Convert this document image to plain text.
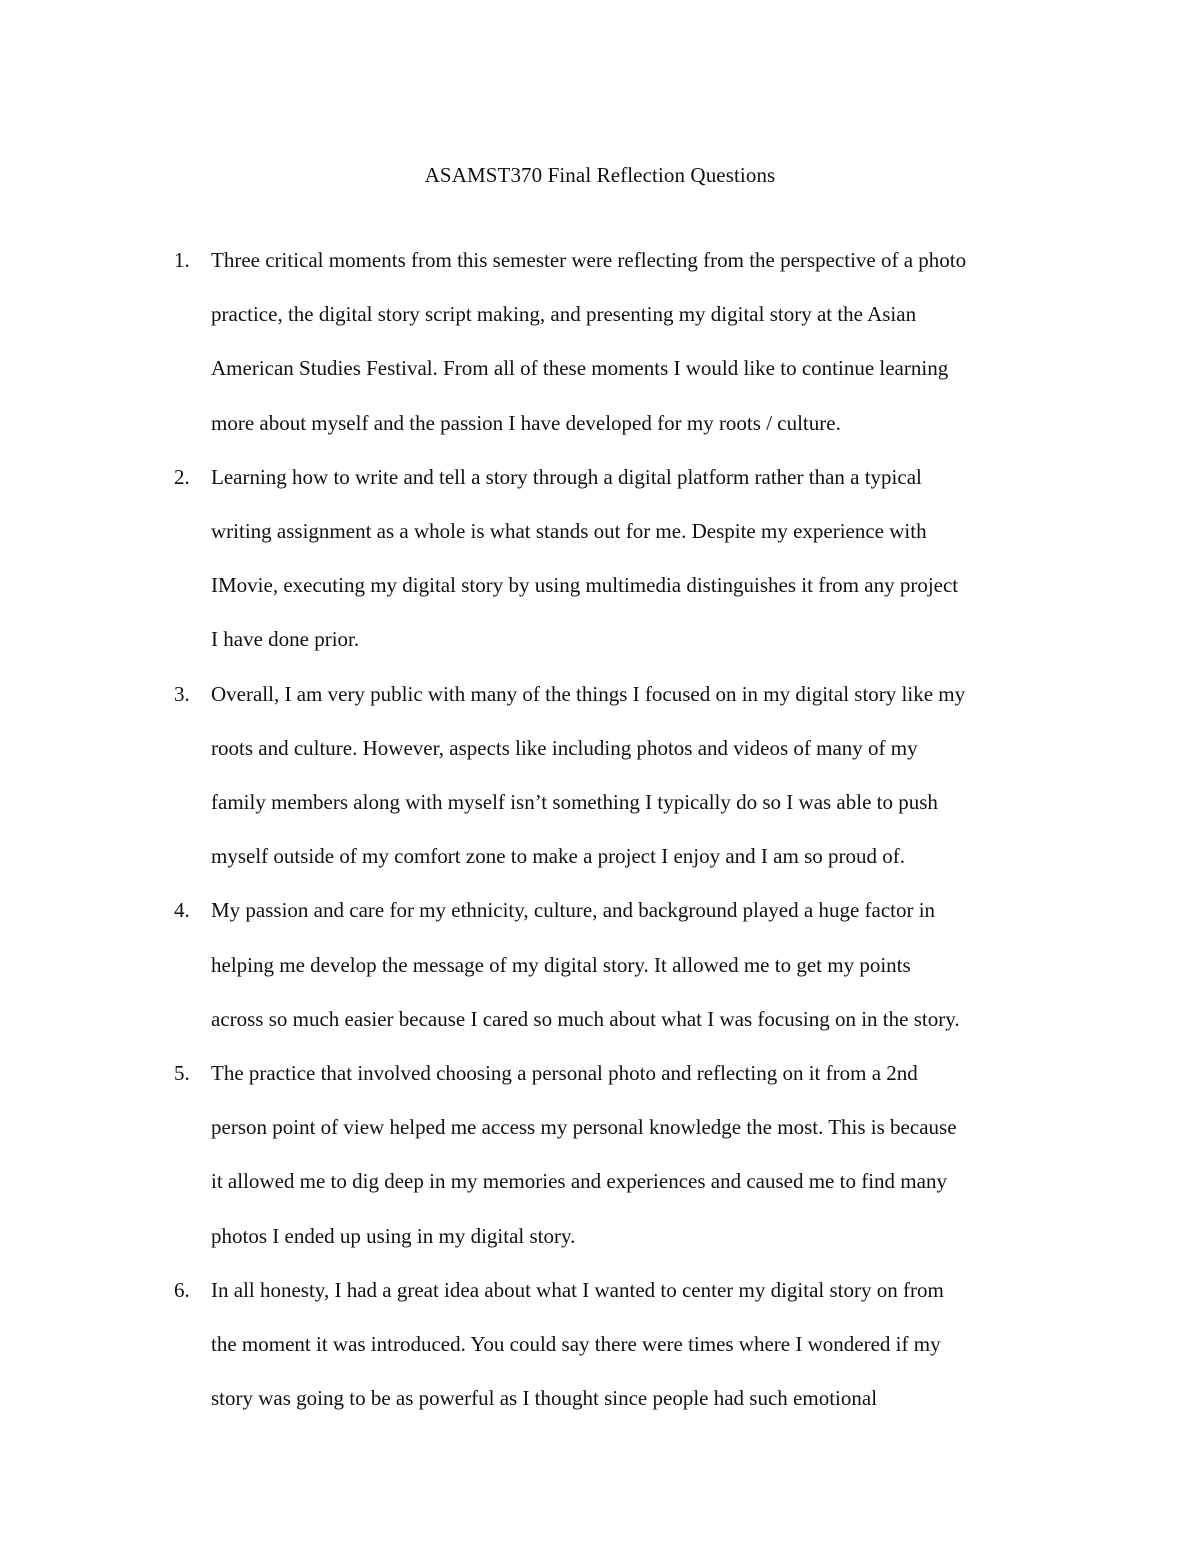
ASAMST370 Final Reflection Questions
1. Three critical moments from this semester were reflecting from the perspective of a photo
practice, the digital story script making, and presenting my digital story at the Asian
American Studies Festival. From all of these moments I would like to continue learning
more about myself and the passion I have developed for my roots / culture.
2. Learning how to write and tell a story through a digital platform rather than a typical
writing assignment as a whole is what stands out for me. Despite my experience with
IMovie, executing my digital story by using multimedia distinguishes it from any project
I have done prior.
3. Overall, I am very public with many of the things I focused on in my digital story like my
roots and culture. However, aspects like including photos and videos of many of my
family members along with myself isn’t something I typically do so I was able to push
myself outside of my comfort zone to make a project I enjoy and I am so proud of.
4. My passion and care for my ethnicity, culture, and background played a huge factor in
helping me develop the message of my digital story. It allowed me to get my points
across so much easier because I cared so much about what I was focusing on in the story.
5. The practice that involved choosing a personal photo and reflecting on it from a 2nd
person point of view helped me access my personal knowledge the most. This is because
it allowed me to dig deep in my memories and experiences and caused me to find many
photos I ended up using in my digital story.
6. In all honesty, I had a great idea about what I wanted to center my digital story on from
the moment it was introduced. You could say there were times where I wondered if my
story was going to be as powerful as I thought since people had such emotional
